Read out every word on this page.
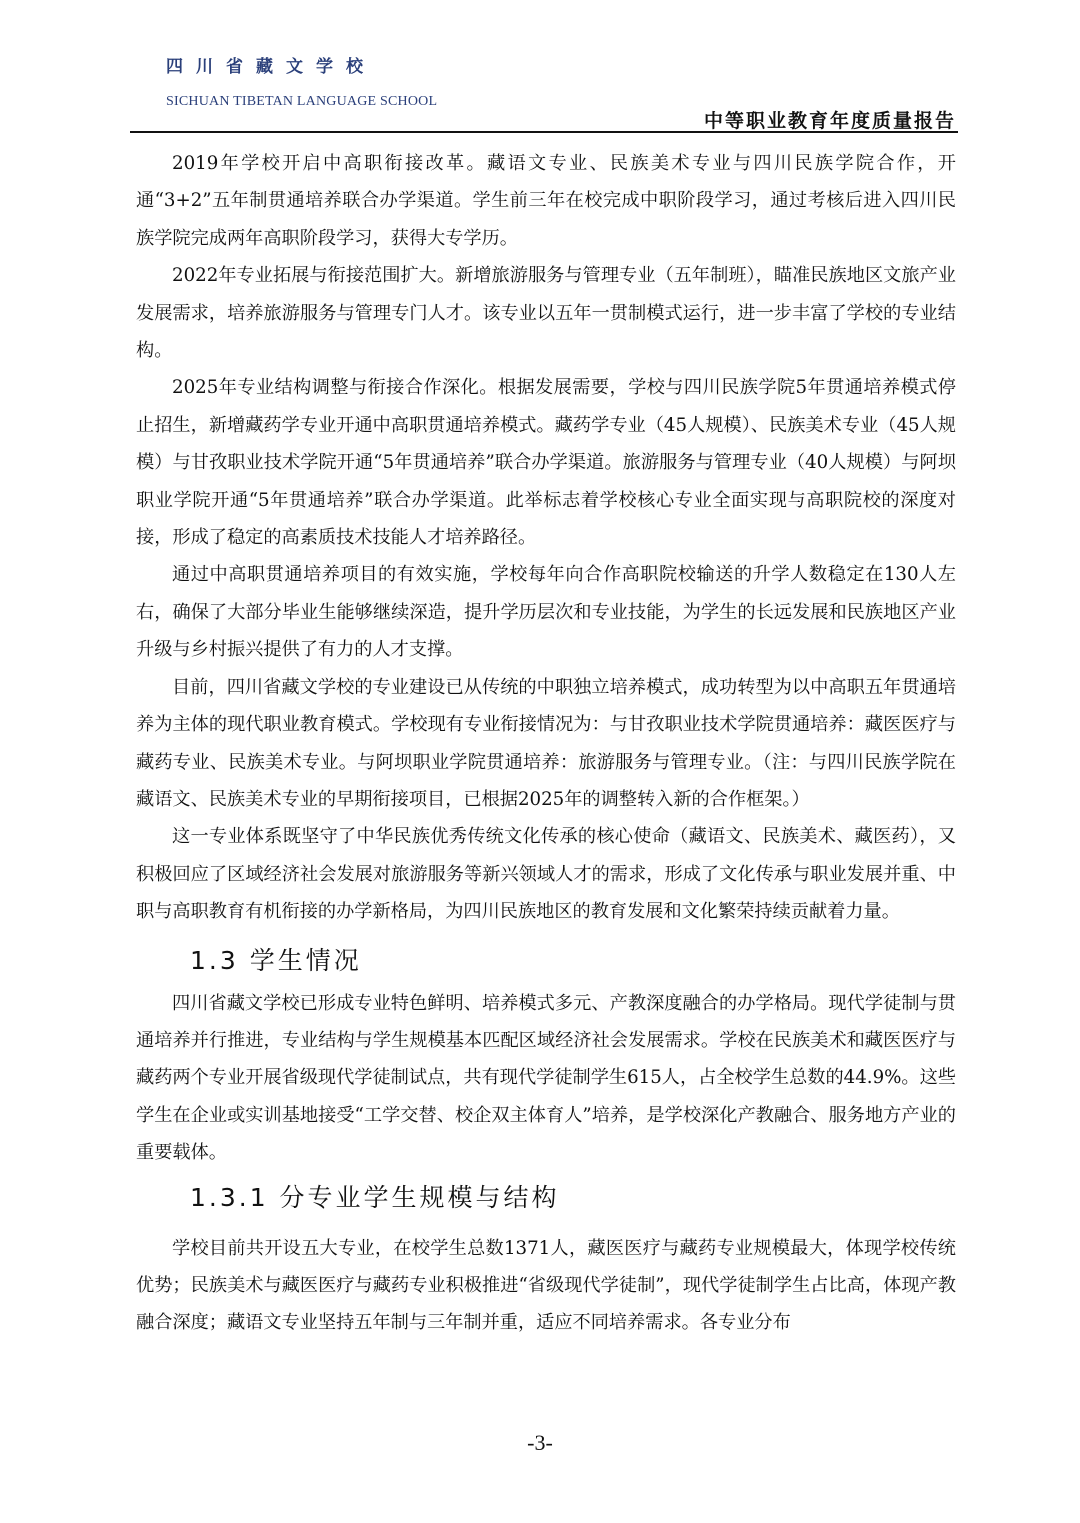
四川省藏文学校
SICHUAN TIBETAN LANGUAGE SCHOOL
中等职业教育年度质量报告

2019年学校开启中高职衔接改革。藏语文专业、民族美术专业与四川民族学院合作，开通“3+2”五年制贯通培养联合办学渠道。学生前三年在校完成中职阶段学习，通过考核后进入四川民族学院完成两年高职阶段学习，获得大专学历。

2022年专业拓展与衔接范围扩大。新增旅游服务与管理专业（五年制班），瞄准民族地区文旅产业发展需求，培养旅游服务与管理专门人才。该专业以五年一贯制模式运行，进一步丰富了学校的专业结构。

2025年专业结构调整与衔接合作深化。根据发展需要，学校与四川民族学院5年贯通培养模式停止招生，新增藏药学专业开通中高职贯通培养模式。藏药学专业（45人规模）、民族美术专业（45人规模）与甘孜职业技术学院开通“5年贯通培养”联合办学渠道。旅游服务与管理专业（40人规模）与阿坝职业学院开通“5年贯通培养”联合办学渠道。此举标志着学校核心专业全面实现与高职院校的深度对接，形成了稳定的高素质技术技能人才培养路径。

通过中高职贯通培养项目的有效实施，学校每年向合作高职院校输送的升学人数稳定在130人左右，确保了大部分毕业生能够继续深造，提升学历层次和专业技能，为学生的长远发展和民族地区产业升级与乡村振兴提供了有力的人才支撑。

目前，四川省藏文学校的专业建设已从传统的中职独立培养模式，成功转型为以中高职五年贯通培养为主体的现代职业教育模式。学校现有专业衔接情况为：与甘孜职业技术学院贯通培养：藏医医疗与藏药专业、民族美术专业。与阿坝职业学院贯通培养：旅游服务与管理专业。（注：与四川民族学院在藏语文、民族美术专业的早期衔接项目，已根据2025年的调整转入新的合作框架。）

这一专业体系既坚守了中华民族优秀传统文化传承的核心使命（藏语文、民族美术、藏医药），又积极回应了区域经济社会发展对旅游服务等新兴领域人才的需求，形成了文化传承与职业发展并重、中职与高职教育有机衔接的办学新格局，为四川民族地区的教育发展和文化繁荣持续贡献着力量。

1.3 学生情况

四川省藏文学校已形成专业特色鲜明、培养模式多元、产教深度融合的办学格局。现代学徒制与贯通培养并行推进，专业结构与学生规模基本匹配区域经济社会发展需求。学校在民族美术和藏医医疗与藏药两个专业开展省级现代学徒制试点，共有现代学徒制学生615人，占全校学生总数的44.9%。这些学生在企业或实训基地接受“工学交替、校企双主体育人”培养，是学校深化产教融合、服务地方产业的重要载体。

1.3.1 分专业学生规模与结构

学校目前共开设五大专业，在校学生总数1371人，藏医医疗与藏药专业规模最大，体现学校传统优势；民族美术与藏医医疗与藏药专业积极推进“省级现代学徒制”，现代学徒制学生占比高，体现产教融合深度；藏语文专业坚持五年制与三年制并重，适应不同培养需求。各专业分布

-3-
